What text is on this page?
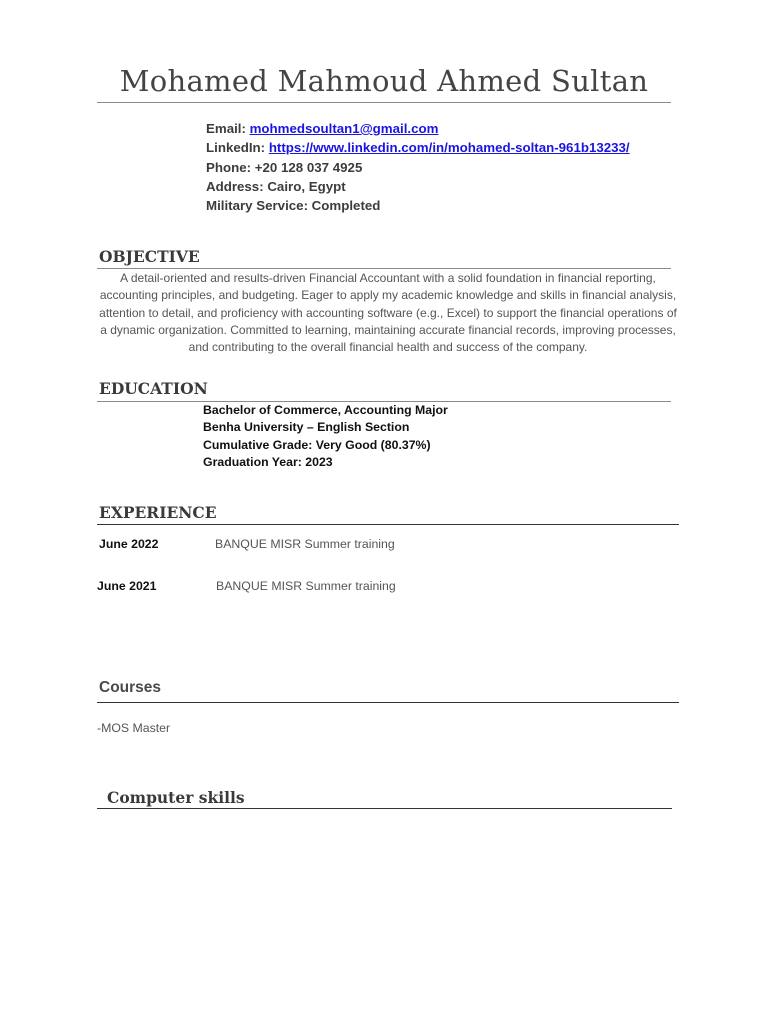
Mohamed Mahmoud Ahmed Sultan
Email: mohmedsoultan1@gmail.com
LinkedIn: https://www.linkedin.com/in/mohamed-soltan-961b13233/
Phone: +20 128 037 4925
Address: Cairo, Egypt
Military Service: Completed
OBJECTIVE
A detail-oriented and results-driven Financial Accountant with a solid foundation in financial reporting, accounting principles, and budgeting. Eager to apply my academic knowledge and skills in financial analysis, attention to detail, and proficiency with accounting software (e.g., Excel) to support the financial operations of a dynamic organization. Committed to learning, maintaining accurate financial records, improving processes, and contributing to the overall financial health and success of the company.
EDUCATION
Bachelor of Commerce, Accounting Major
Benha University – English Section
Cumulative Grade: Very Good (80.37%)
Graduation Year: 2023
EXPERIENCE
June 2022	BANQUE MISR Summer training
June 2021	BANQUE MISR Summer training
Courses
-MOS Master
Computer skills
